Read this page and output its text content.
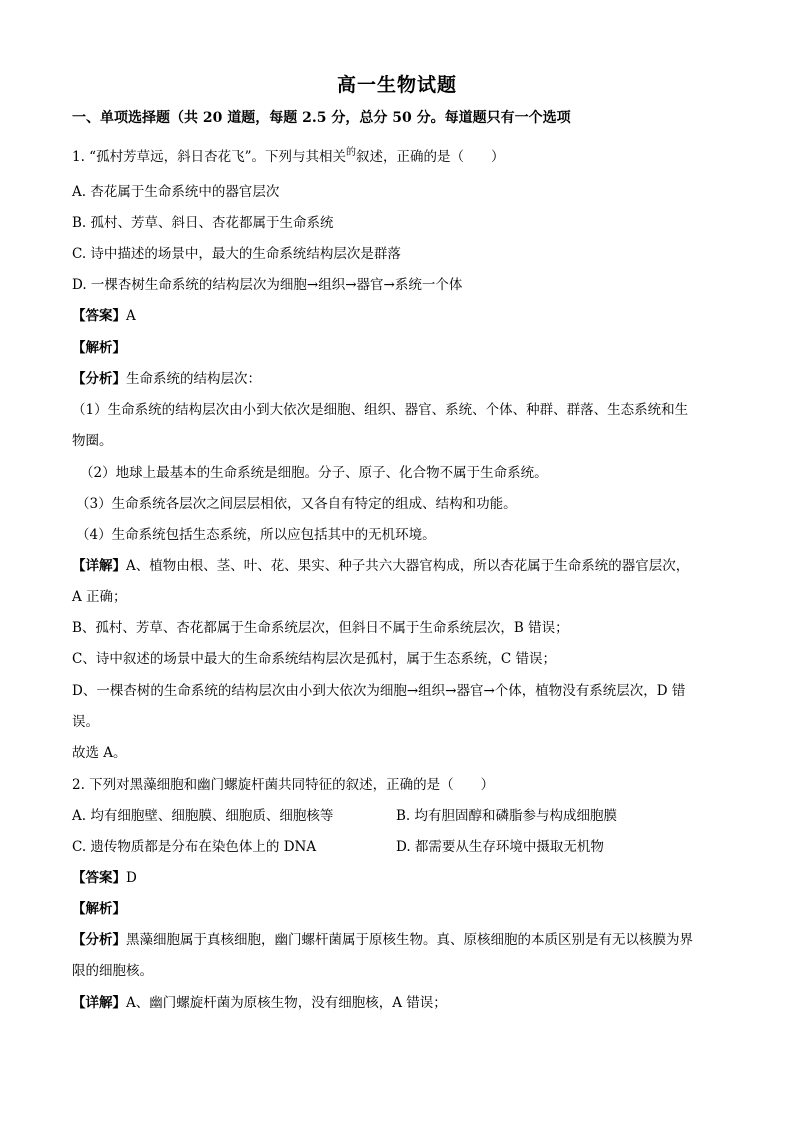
高一生物试题
一、单项选择题（共 20 道题，每题 2.5 分，总分 50 分。每道题只有一个选项
1. “孤村芳草远，斜日杏花飞”。下列与其相关$^的$叙述，正确的是（　　）
A. 杏花属于生命系统中的器官层次
B. 孤村、芳草、斜日、杏花都属于生命系统
C. 诗中描述的场景中，最大的生命系统结构层次是群落
D. 一棵杏树生命系统的结构层次为细胞→组织→器官→系统一个体
【答案】A
【解析】
【分析】生命系统的结构层次：
（1）生命系统的结构层次由小到大依次是细胞、组织、器官、系统、个体、种群、群落、生态系统和生
物圈。
（2）地球上最基本的生命系统是细胞。分子、原子、化合物不属于生命系统。
（3）生命系统各层次之间层层相依，又各自有特定的组成、结构和功能。
（4）生命系统包括生态系统，所以应包括其中的无机环境。
【详解】A、植物由根、茎、叶、花、果实、种子共六大器官构成，所以杏花属于生命系统的器官层次，
A 正确；
B、孤村、芳草、杏花都属于生命系统层次，但斜日不属于生命系统层次，B 错误；
C、诗中叙述的场景中最大的生命系统结构层次是孤村，属于生态系统，C 错误；
D、一棵杏树的生命系统的结构层次由小到大依次为细胞→组织→器官→个体，植物没有系统层次，D 错
误。
故选 A。
2. 下列对黑藻细胞和幽门螺旋杆菌共同特征的叙述，正确的是（　　）
A. 均有细胞壁、细胞膜、细胞质、细胞核等	B. 均有胆固醇和磷脂参与构成细胞膜
C. 遗传物质都是分布在染色体上的 DNA	D. 都需要从生存环境中摄取无机物
【答案】D
【解析】
【分析】黑藻细胞属于真核细胞，幽门螺杆菌属于原核生物。真、原核细胞的本质区别是有无以核膜为界
限的细胞核。
【详解】A、幽门螺旋杆菌为原核生物，没有细胞核，A 错误；
